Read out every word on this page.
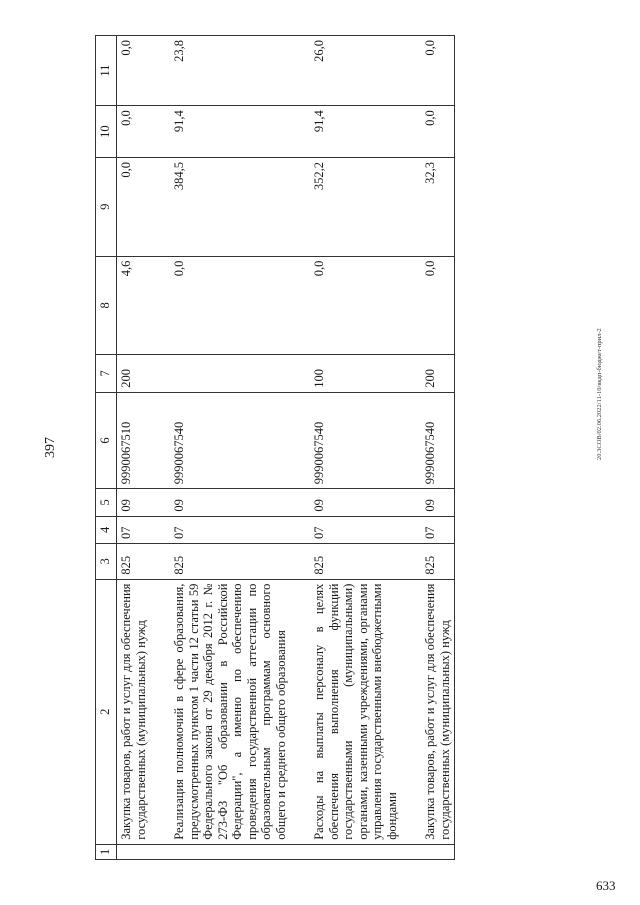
397
1	2	3	4	5	6	7	8	9	10	11
	Закупка товаров, работ и услуг для обеспечения государственных (муниципальных) нужд	825	07	09	9990067510	200	4,6	0,0	0,0	0,0
	Реализация полномочий в сфере образования, предусмотренных пунктом 1 части 12 статьи 59 Федерального закона от 29 декабря 2012 г. № 273-ФЗ "Об образовании в Российской Федерации", а именно по обеспечению проведения государственной аттестации по образовательным программам основного общего и среднего общего образования	825	07	09	9990067540		0,0	384,5	91,4	23,8
	Расходы на выплаты персоналу в целях обеспечения выполнения функций государственными (муниципальными) органами, казенными учреждениями, органами управления государственными внебюджетными фондами	825	07	09	9990067540	100	0,0	352,2	91,4	26,0
	Закупка товаров, работ и услуг для обеспечения государственных (муниципальных) нужд	825	07	09	9990067540	200	0,0	32,3	0,0	0,0
20.3СОВ/02.06.2022/11-10/вкдп-бюджет-прил-2
633
